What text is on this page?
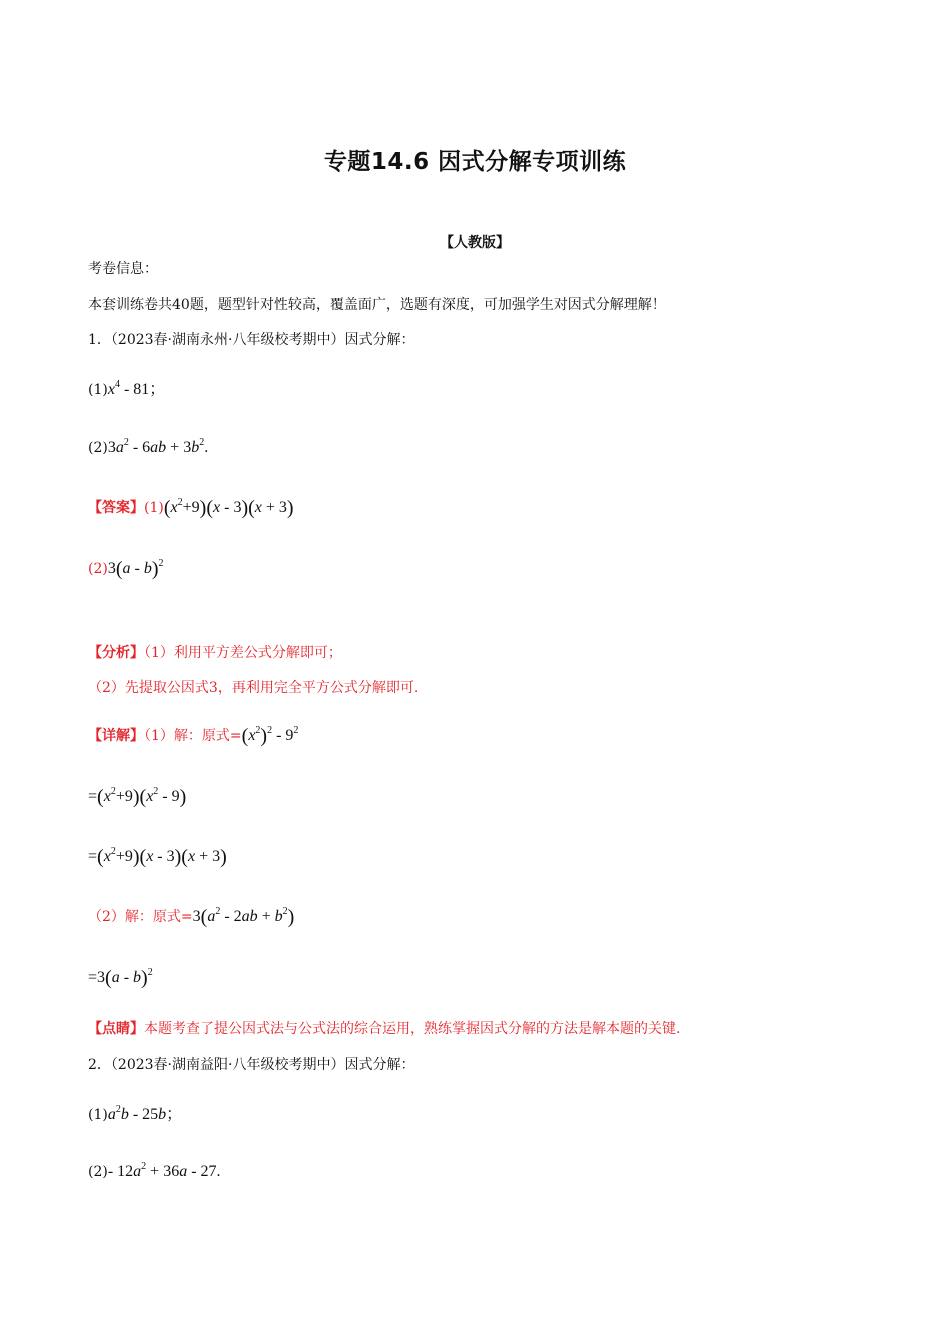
专题14.6 因式分解专项训练
【人教版】
考卷信息：
本套训练卷共40题，题型针对性较高，覆盖面广，选题有深度，可加强学生对因式分解理解！
1．（2023春·湖南永州·八年级校考期中）因式分解：
$(1)x^4 - 81$；
$(2)3a^2 - 6ab + 3b^2$.
【答案】$(1)(x^2+9)(x - 3)(x + 3)$
(2)3(a - b)$^2$
【分析】（1）利用平方差公式分解即可；
（2）先提取公因式3，再利用完全平方公式分解即可.
【详解】（1）解：原式$=(x^2)^2 - 9^2$
$=(x^2+9)(x^2 - 9)$
$=(x^2+9)(x - 3)(x + 3)$
（2）解：原式$=3(a^2 - 2ab + b^2)$
=3(a - b)$^2$
【点睛】本题考查了提公因式法与公式法的综合运用，熟练掌握因式分解的方法是解本题的关键.
2．（2023春·湖南益阳·八年级校考期中）因式分解：
$(1)a^2b - 25b$；
(2)- $12a^2 + 36a - 27$.
